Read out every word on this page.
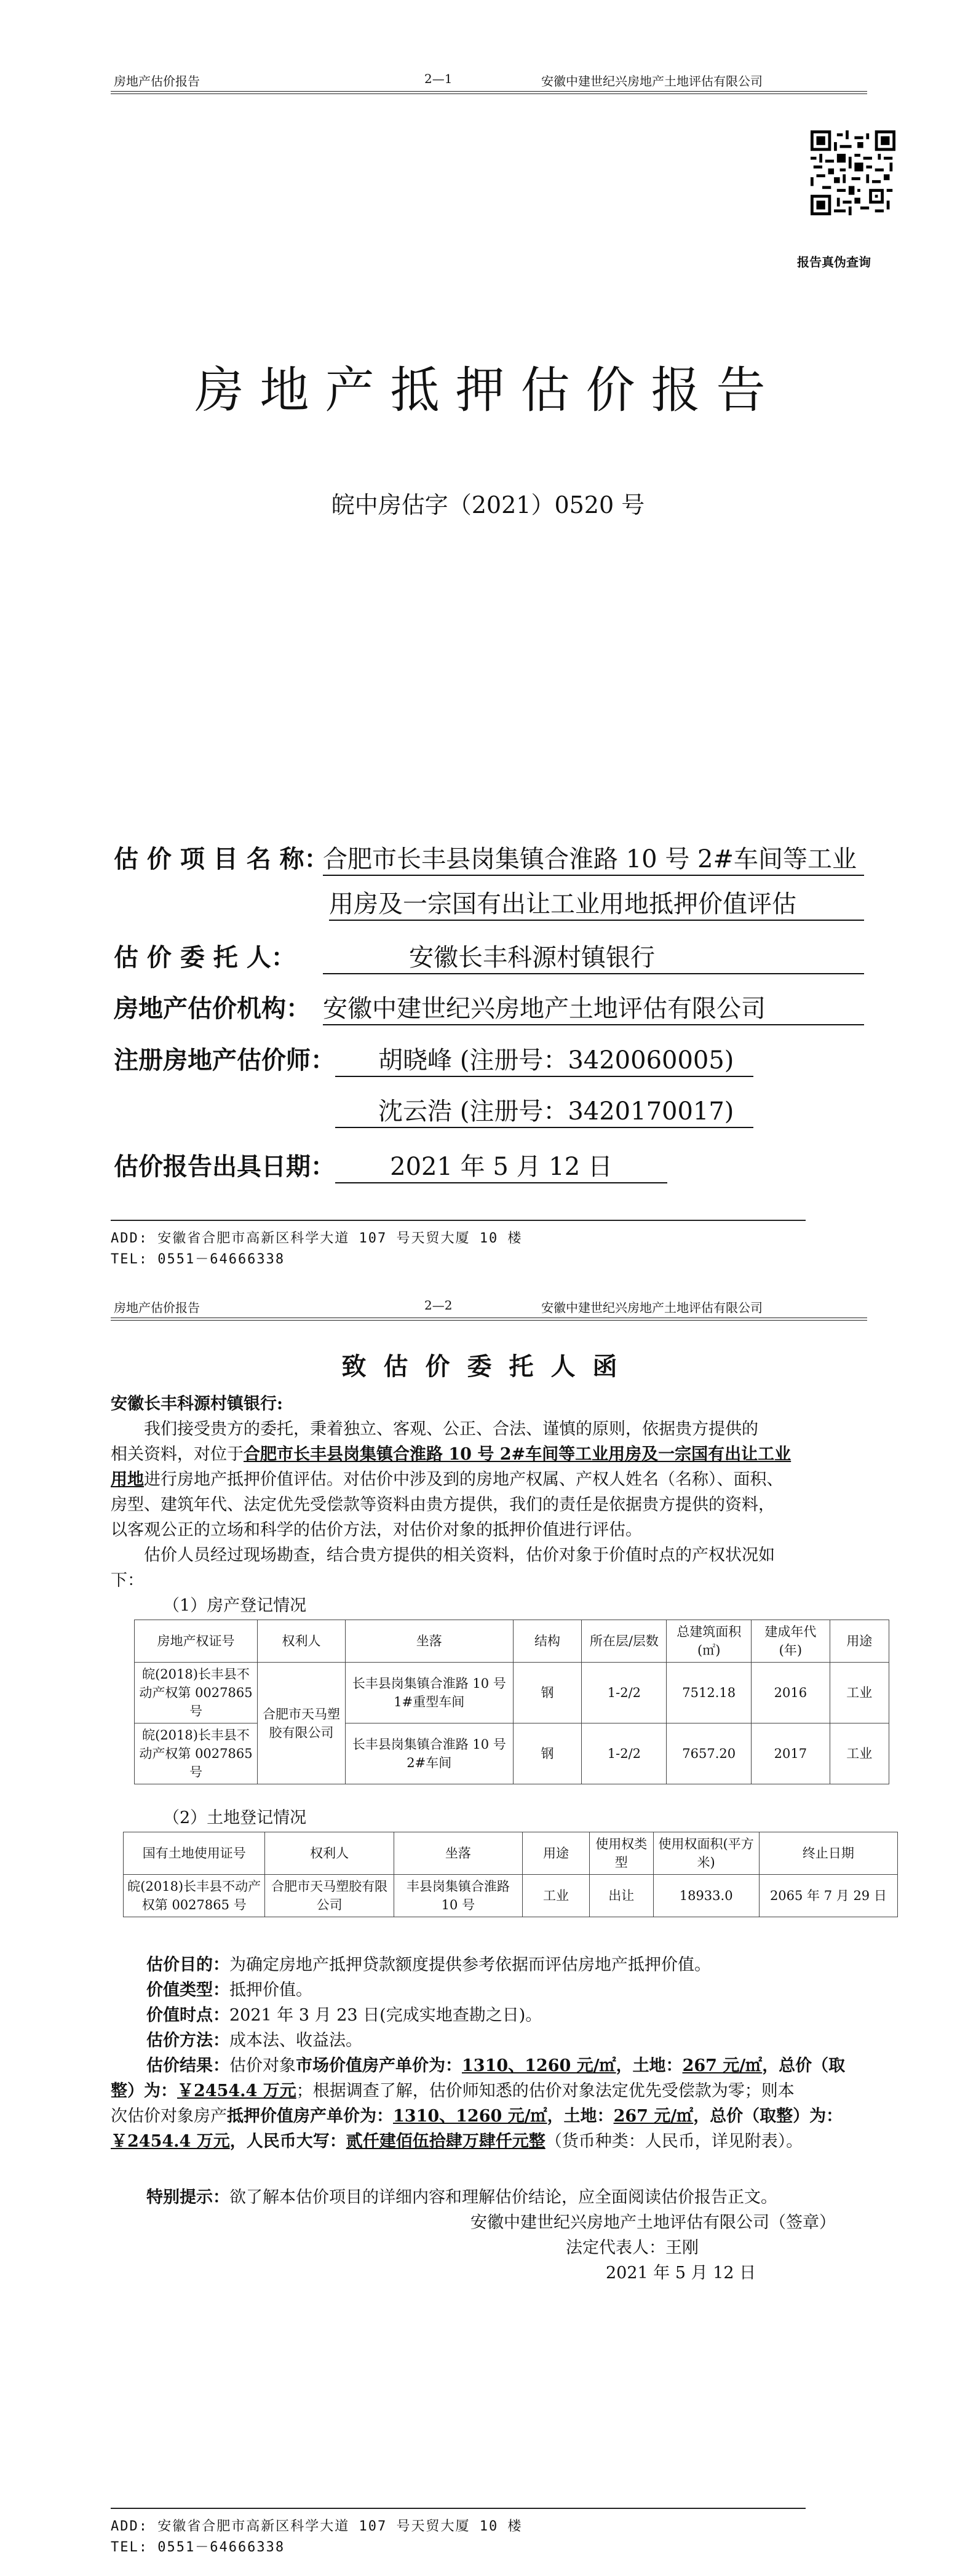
房地产估价报告	2—1	安徽中建世纪兴房地产土地评估有限公司
报告真伪查询
房地产抵押估价报告
皖中房估字（2021）0520 号
估 价 项 目 名 称：
合肥市长丰县岗集镇合淮路 10 号 2#车间等工业
用房及一宗国有出让工业用地抵押价值评估
估 价 委 托 人：	安徽长丰科源村镇银行
房地产估价机构： 安徽中建世纪兴房地产土地评估有限公司
注册房地产估价师：	胡晓峰 (注册号：3420060005)
沈云浩 (注册号：3420170017)
估价报告出具日期：	2021 年 5 月 12 日
ADD: 安徽省合肥市高新区科学大道 107 号天贸大厦 10 楼
TEL: 0551－64666338
房地产估价报告	2—2	安徽中建世纪兴房地产土地评估有限公司
致估价委托人函
安徽长丰科源村镇银行:
我们接受贵方的委托，秉着独立、客观、公正、合法、谨慎的原则，依据贵方提供的
相关资料，对位于合肥市长丰县岗集镇合淮路 10 号 2#车间等工业用房及一宗国有出让工业
用地进行房地产抵押价值评估。对估价中涉及到的房地产权属、产权人姓名（名称）、面积、
房型、建筑年代、法定优先受偿款等资料由贵方提供，我们的责任是依据贵方提供的资料，
以客观公正的立场和科学的估价方法，对估价对象的抵押价值进行评估。
估价人员经过现场勘查，结合贵方提供的相关资料，估价对象于价值时点的产权状况如
下：
（1）房产登记情况
房地产权证号	权利人	坐落	结构	所在层/层数	总建筑面积(㎡)	建成年代(年)	用途
皖(2018)长丰县不动产权第 0027865 号	合肥市天马塑胶有限公司	长丰县岗集镇合淮路 10 号 1#重型车间	钢	1-2/2	7512.18	2016	工业
皖(2018)长丰县不动产权第 0027865 号		长丰县岗集镇合淮路 10 号 2#车间	钢	1-2/2	7657.20	2017	工业
（2）土地登记情况
国有土地使用证号	权利人	坐落	用途	使用权类型	使用权面积(平方米)	终止日期
皖(2018)长丰县不动产权第 0027865 号	合肥市天马塑胶有限公司	丰县岗集镇合淮路 10 号	工业	出让	18933.0	2065 年 7 月 29 日
估价目的：为确定房地产抵押贷款额度提供参考依据而评估房地产抵押价值。
价值类型：抵押价值。
价值时点：2021 年 3 月 23 日(完成实地查勘之日)。
估价方法：成本法、收益法。
估价结果：估价对象市场价值房产单价为：1310、1260 元/㎡，土地：267 元/㎡，总价（取
整）为：￥2454.4 万元；根据调查了解，估价师知悉的估价对象法定优先受偿款为零；则本
次估价对象房产抵押价值房产单价为：1310、1260 元/㎡，土地：267 元/㎡，总价（取整）为：
￥2454.4 万元，人民币大写：贰仟建佰伍拾肆万肆仟元整（货币种类：人民币，详见附表）。
特别提示：欲了解本估价项目的详细内容和理解估价结论，应全面阅读估价报告正文。
安徽中建世纪兴房地产土地评估有限公司（签章）
法定代表人：王刚
2021 年 5 月 12 日
ADD: 安徽省合肥市高新区科学大道 107 号天贸大厦 10 楼
TEL: 0551－64666338
